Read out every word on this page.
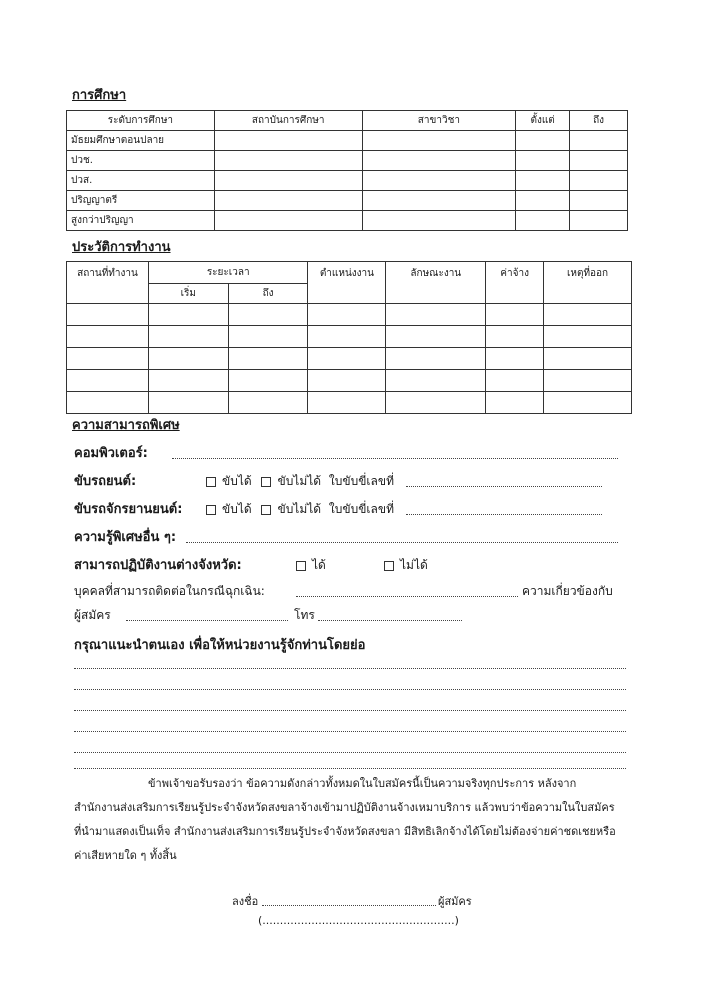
การศึกษา
ระดับการศึกษา	สถาบันการศึกษา	สาขาวิชา	ตั้งแต่	ถึง
มัธยมศึกษาตอนปลาย				
ปวช.				
ปวส.				
ปริญญาตรี				
สูงกว่าปริญญา				
ประวัติการทำงาน
สถานที่ทำงาน	ระยะเวลา		ตำแหน่งงาน	ลักษณะงาน	ค่าจ้าง	เหตุที่ออก
	เริ่ม	ถึง				

ความสามารถพิเศษ
คอมพิวเตอร์:
ขับรถยนต์:	ขับได้ ขับไม่ได้ ใบขับขี่เลขที่
ขับรถจักรยานยนต์:	ขับได้ ขับไม่ได้ ใบขับขี่เลขที่
ความรู้พิเศษอื่น ๆ:
สามารถปฏิบัติงานต่างจังหวัด:	ได้	ไม่ได้
บุคคลที่สามารถติดต่อในกรณีฉุกเฉิน:	ความเกี่ยวข้องกับ
ผู้สมัคร	โทร
กรุณาแนะนำตนเอง เพื่อให้หน่วยงานรู้จักท่านโดยย่อ
ข้าพเจ้าขอรับรองว่า ข้อความดังกล่าวทั้งหมดในใบสมัครนี้เป็นความจริงทุกประการ หลังจาก
สำนักงานส่งเสริมการเรียนรู้ประจำจังหวัดสงขลาจ้างเข้ามาปฏิบัติงานจ้างเหมาบริการ แล้วพบว่าข้อความในใบสมัคร
ที่นำมาแสดงเป็นเท็จ สำนักงานส่งเสริมการเรียนรู้ประจำจังหวัดสงขลา มีสิทธิเลิกจ้างได้โดยไม่ต้องจ่ายค่าชดเชยหรือ
ค่าเสียหายใด ๆ ทั้งสิ้น
ลงชื่อ	ผู้สมัคร
(.......................................................)
